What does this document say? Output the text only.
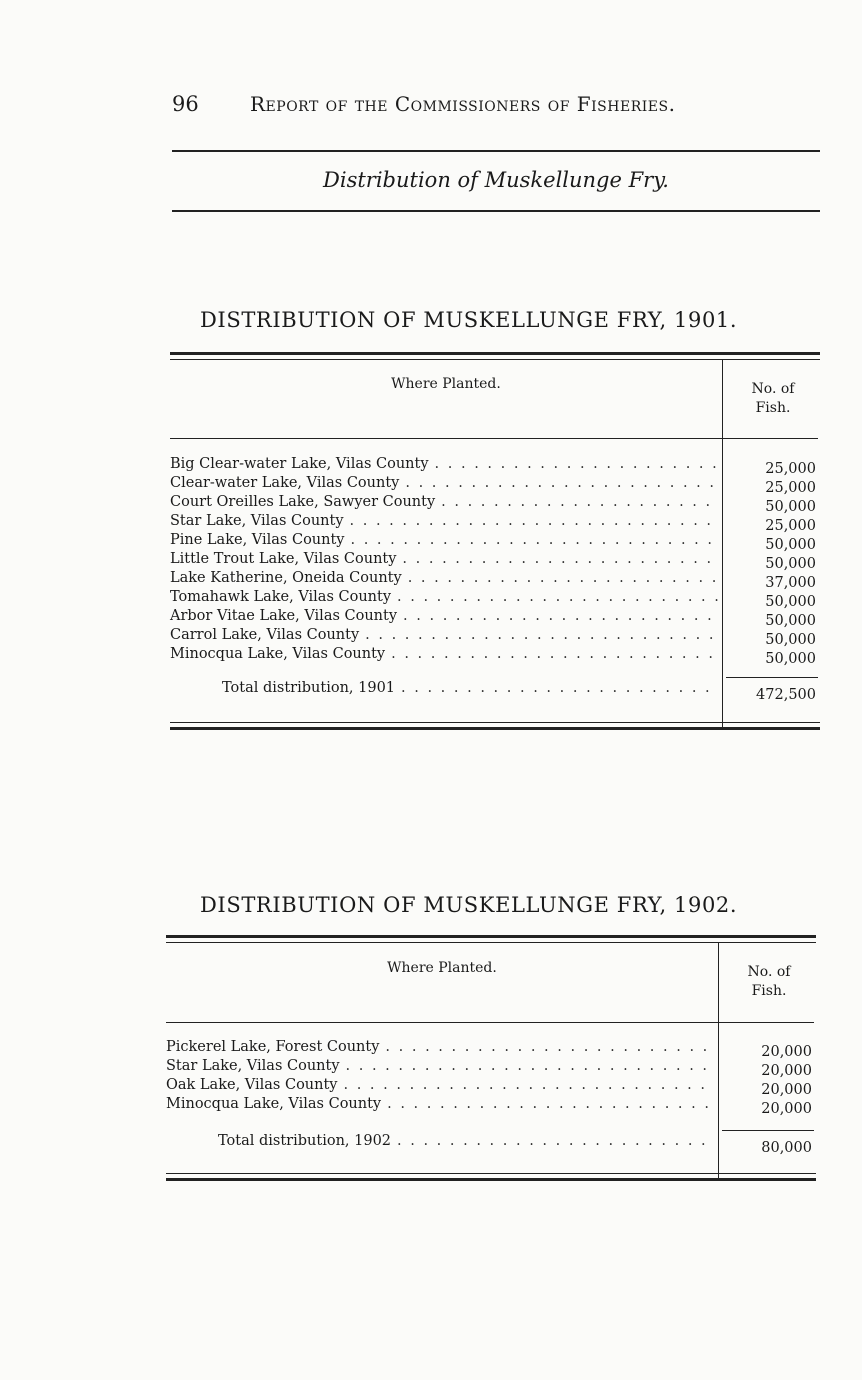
96	Report of the Commissioners of Fisheries.
Distribution of Muskellunge Fry.
DISTRIBUTION OF MUSKELLUNGE FRY, 1901.
Where Planted.	No. of
Fish.
Big Clear-water Lake, Vilas County . . .	25,000
Clear-water Lake, Vilas County . . .	25,000
Court Oreilles Lake, Sawyer County . . .	50,000
Star Lake, Vilas County . . .	25,000
Pine Lake, Vilas County . . .	50,000
Little Trout Lake, Vilas County . . .	50,000
Lake Katherine, Oneida County . . .	37,000
Tomahawk Lake, Vilas County . . .	50,000
Arbor Vitae Lake, Vilas County . . .	50,000
Carrol Lake, Vilas County . . .	50,000
Minocqua Lake, Vilas County . . .	50,000
Total distribution, 1901 . . .	472,500
DISTRIBUTION OF MUSKELLUNGE FRY, 1902.
Where Planted.	No. of
Fish.
Pickerel Lake, Forest County . . .	20,000
Star Lake, Vilas County . . .	20,000
Oak Lake, Vilas County . . .	20,000
Minocqua Lake, Vilas County . . .	20,000
Total distribution, 1902 . . .	80,000
